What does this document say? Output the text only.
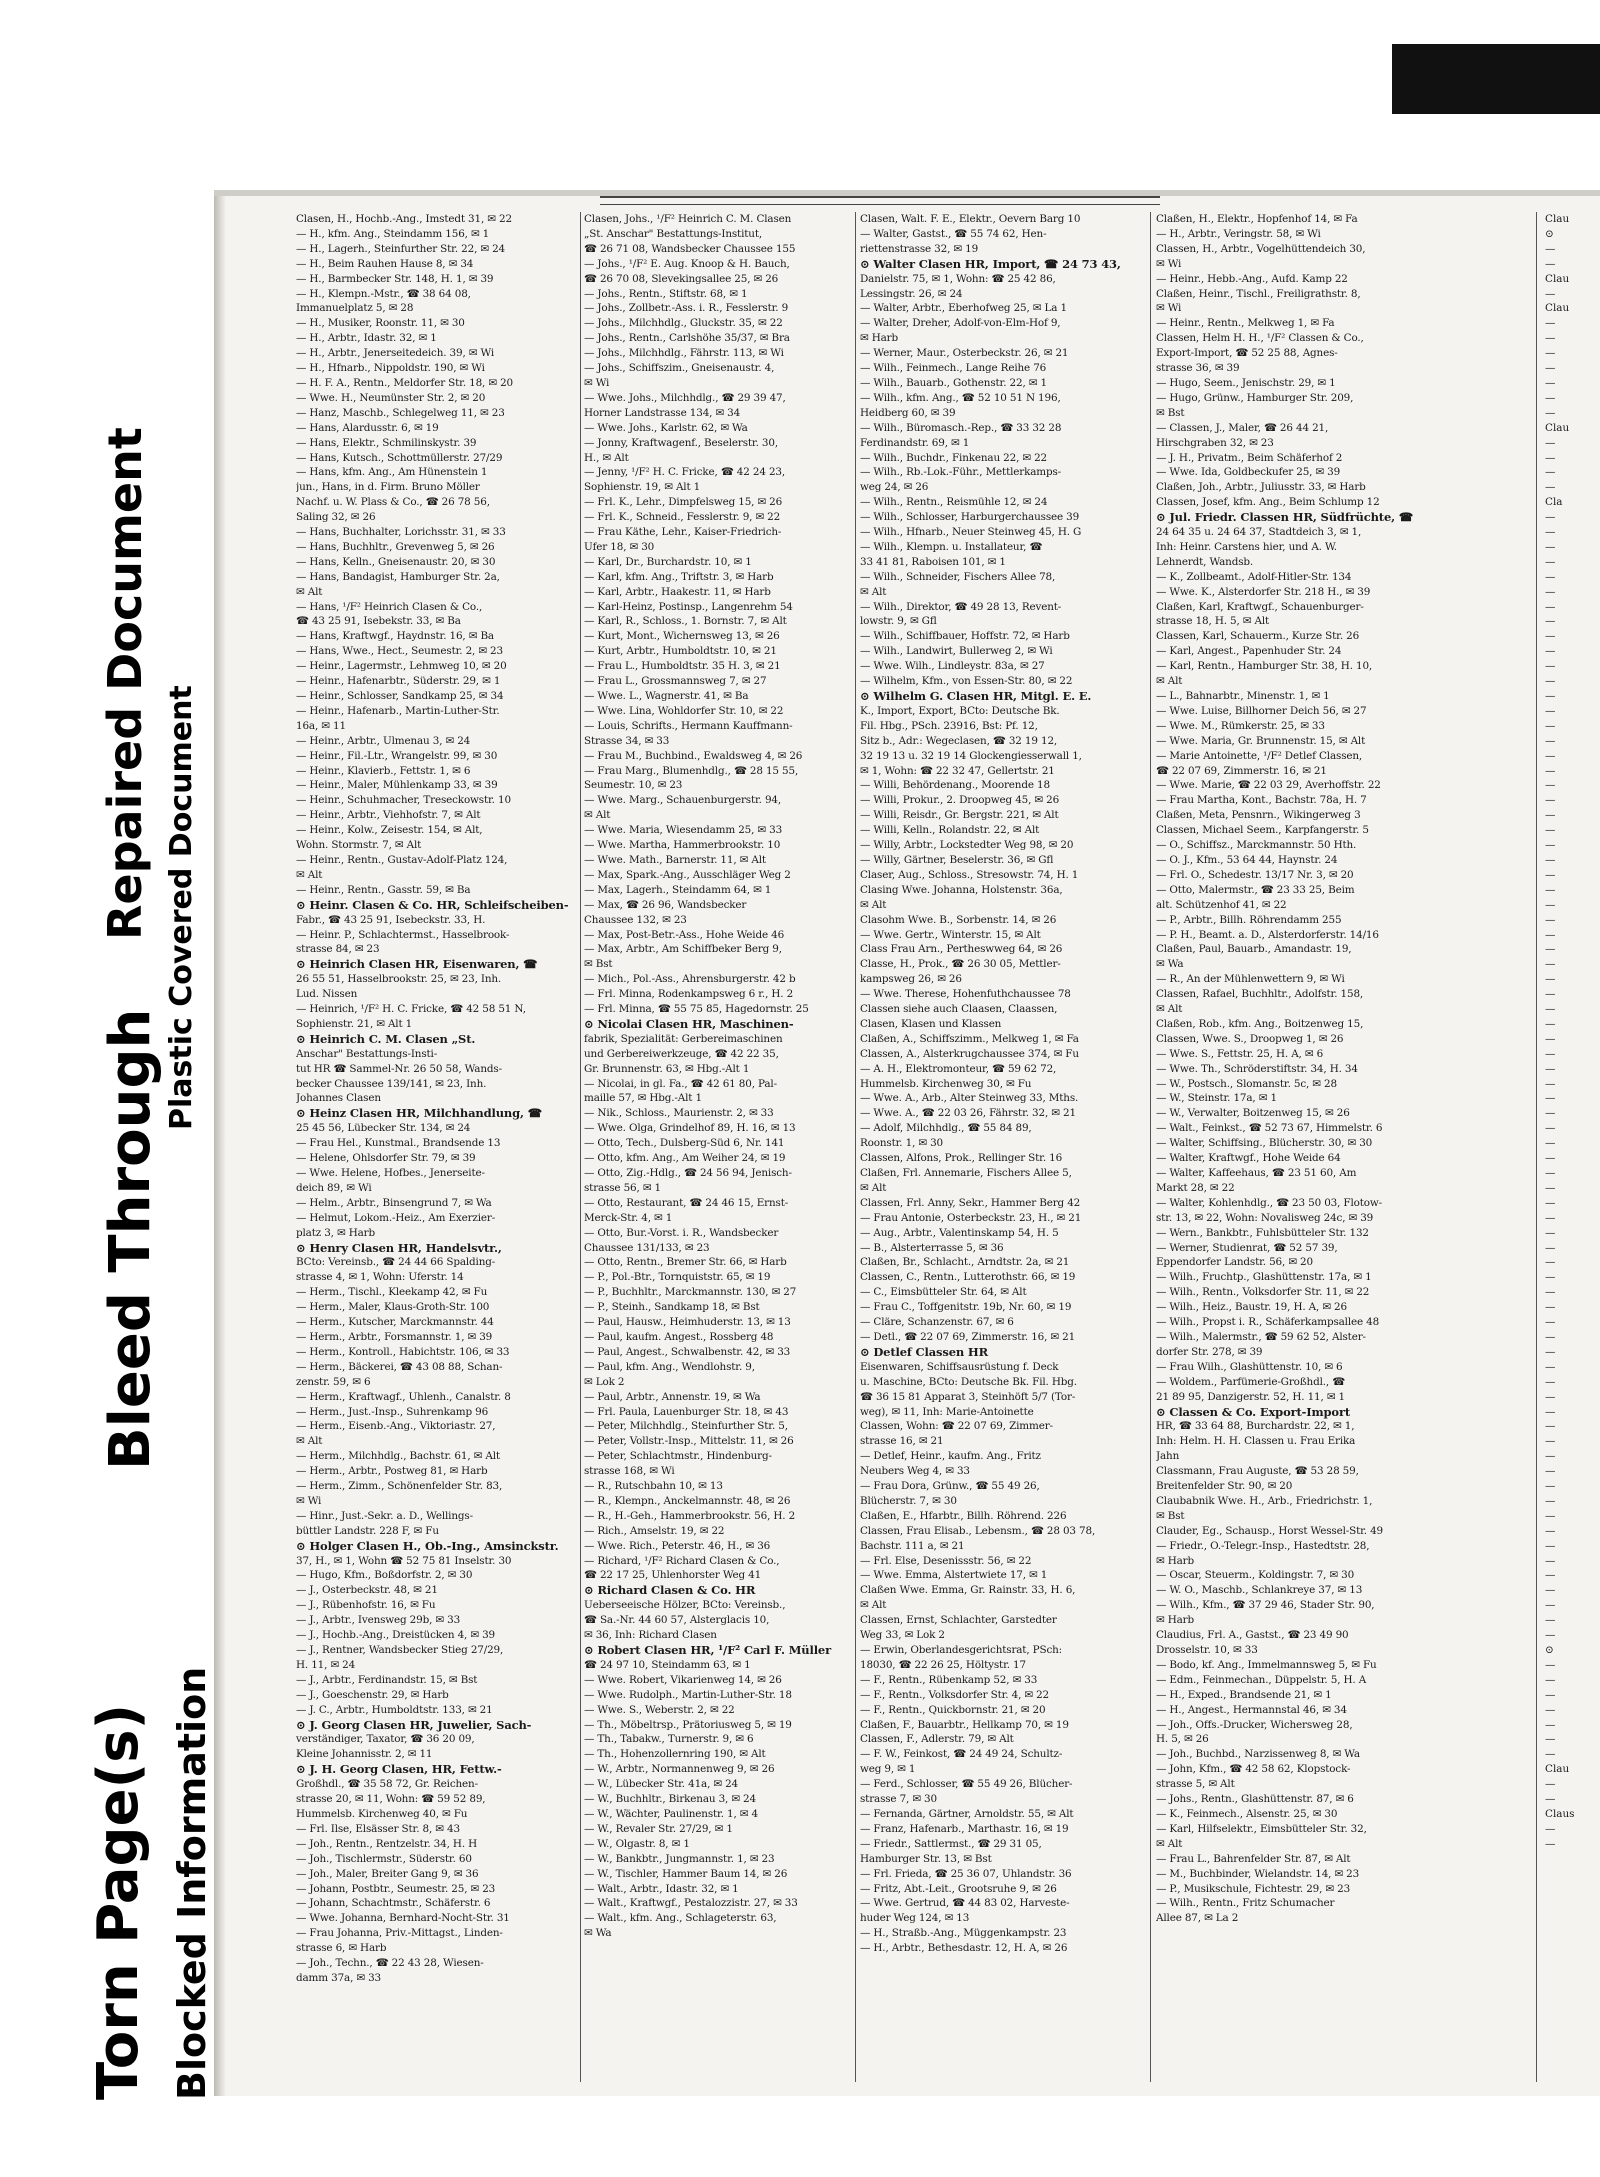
Torn Page(s) Blocked Information
Bleed Through
Repaired Document Plastic Covered Document
Clasen, H., Hochb.-Ang., Imstedt 31, ✉ 22
— H., kfm. Ang., Steindamm 156, ✉ 1
— H., Lagerh., Steinfurther Str. 22, ✉ 24
— H., Beim Rauhen Hause 8, ✉ 34
— H., Barmbecker Str. 148, H. 1, ✉ 39
— H., Klempn.-Mstr., ☎ 38 64 08,
Immanuelplatz 5, ✉ 28
— H., Musiker, Roonstr. 11, ✉ 30
— H., Arbtr., Idastr. 32, ✉ 1
— H., Arbtr., Jenerseitedeich. 39, ✉ Wi
— H., Hfnarb., Nippoldstr. 190, ✉ Wi
— H. F. A., Rentn., Meldorfer Str. 18, ✉ 20
— Wwe. H., Neumünster Str. 2, ✉ 20
— Hanz, Maschb., Schlegelweg 11, ✉ 23
— Hans, Alardusstr. 6, ✉ 19
— Hans, Elektr., Schmilinskystr. 39
— Hans, Kutsch., Schottmüllerstr. 27/29
— Hans, kfm. Ang., Am Hünenstein 1
jun., Hans, in d. Firm. Bruno Möller
Nachf. u. W. Plass & Co., ☎ 26 78 56,
Saling 32, ✉ 26
— Hans, Buchhalter, Lorichsstr. 31, ✉ 33
— Hans, Buchhltr., Grevenweg 5, ✉ 26
— Hans, Kelln., Gneisenaustr. 20, ✉ 30
— Hans, Bandagist, Hamburger Str. 2a,
✉ Alt
— Hans, ¹/F² Heinrich Clasen & Co.,
☎ 43 25 91, Isebekstr. 33, ✉ Ba
— Hans, Kraftwgf., Haydnstr. 16, ✉ Ba
— Hans, Wwe., Hect., Seumestr. 2, ✉ 23
— Heinr., Lagermstr., Lehmweg 10, ✉ 20
— Heinr., Hafenarbtr., Süderstr. 29, ✉ 1
— Heinr., Schlosser, Sandkamp 25, ✉ 34
— Heinr., Hafenarb., Martin-Luther-Str.
16a, ✉ 11
— Heinr., Arbtr., Ulmenau 3, ✉ 24
— Heinr., Fil.-Ltr., Wrangelstr. 99, ✉ 30
— Heinr., Klavierb., Fettstr. 1, ✉ 6
— Heinr., Maler, Mühlenkamp 33, ✉ 39
— Heinr., Schuhmacher, Treseckowstr. 10
— Heinr., Arbtr., Viehhofstr. 7, ✉ Alt
— Heinr., Kolw., Zeisestr. 154, ✉ Alt,
Wohn. Stormstr. 7, ✉ Alt
— Heinr., Rentn., Gustav-Adolf-Platz 124,
✉ Alt
— Heinr., Rentn., Gasstr. 59, ✉ Ba
⊙ Heinr. Clasen & Co. HR, Schleifscheiben-
Fabr., ☎ 43 25 91, Isebeckstr. 33, H.
— Heinr. P., Schlachtermst., Hasselbrook-
strasse 84, ✉ 23
⊙ Heinrich Clasen HR, Eisenwaren, ☎
26 55 51, Hasselbrookstr. 25, ✉ 23, Inh.
Lud. Nissen
— Heinrich, ¹/F² H. C. Fricke, ☎ 42 58 51 N,
Sophienstr. 21, ✉ Alt 1
⊙ Heinrich C. M. Clasen „St.
Anschar" Bestattungs-Insti-
tut HR ☎ Sammel-Nr. 26 50 58, Wands-
becker Chaussee 139/141, ✉ 23, Inh.
Johannes Clasen
⊙ Heinz Clasen HR, Milchhandlung, ☎
25 45 56, Lübecker Str. 134, ✉ 24
— Frau Hel., Kunstmal., Brandsende 13
— Helene, Ohlsdorfer Str. 79, ✉ 39
— Wwe. Helene, Hofbes., Jenerseite-
deich 89, ✉ Wi
— Helm., Arbtr., Binsengrund 7, ✉ Wa
— Helmut, Lokom.-Heiz., Am Exerzier-
platz 3, ✉ Harb
⊙ Henry Clasen HR, Handelsvtr.,
BCto: Vereinsb., ☎ 24 44 66 Spalding-
strasse 4, ✉ 1, Wohn: Uferstr. 14
— Herm., Tischl., Kleekamp 42, ✉ Fu
— Herm., Maler, Klaus-Groth-Str. 100
— Herm., Kutscher, Marckmannstr. 44
— Herm., Arbtr., Forsmannstr. 1, ✉ 39
— Herm., Kontroll., Habichtstr. 106, ✉ 33
— Herm., Bäckerei, ☎ 43 08 88, Schan-
zenstr. 59, ✉ 6
— Herm., Kraftwagf., Uhlenh., Canalstr. 8
— Herm., Just.-Insp., Suhrenkamp 96
— Herm., Eisenb.-Ang., Viktoriastr. 27,
✉ Alt
— Herm., Milchhdlg., Bachstr. 61, ✉ Alt
— Herm., Arbtr., Postweg 81, ✉ Harb
— Herm., Zimm., Schönenfelder Str. 83,
✉ Wi
— Hinr., Just.-Sekr. a. D., Wellings-
büttler Landstr. 228 F, ✉ Fu
⊙ Holger Clasen H., Ob.-Ing., Amsinckstr.
37, H., ✉ 1, Wohn ☎ 52 75 81 Inselstr. 30
— Hugo, Kfm., Boßdorfstr. 2, ✉ 30
— J., Osterbeckstr. 48, ✉ 21
— J., Rübenhofstr. 16, ✉ Fu
— J., Arbtr., Ivensweg 29b, ✉ 33
— J., Hochb.-Ang., Dreistücken 4, ✉ 39
— J., Rentner, Wandsbecker Stieg 27/29,
H. 11, ✉ 24
— J., Arbtr., Ferdinandstr. 15, ✉ Bst
— J., Goeschenstr. 29, ✉ Harb
— J. C., Arbtr., Humboldtstr. 133, ✉ 21
⊙ J. Georg Clasen HR, Juwelier, Sach-
verständiger, Taxator, ☎ 36 20 09,
Kleine Johannisstr. 2, ✉ 11
⊙ J. H. Georg Clasen, HR, Fettw.-
Großhdl., ☎ 35 58 72, Gr. Reichen-
strasse 20, ✉ 11, Wohn: ☎ 59 52 89,
Hummelsb. Kirchenweg 40, ✉ Fu
— Frl. Ilse, Elsässer Str. 8, ✉ 43
— Joh., Rentn., Rentzelstr. 34, H. H
— Joh., Tischlermstr., Süderstr. 60
— Joh., Maler, Breiter Gang 9, ✉ 36
— Johann, Postbtr., Seumestr. 25, ✉ 23
— Johann, Schachtmstr., Schäferstr. 6
— Wwe. Johanna, Bernhard-Nocht-Str. 31
— Frau Johanna, Priv.-Mittagst., Linden-
strasse 6, ✉ Harb
— Joh., Techn., ☎ 22 43 28, Wiesen-
damm 37a, ✉ 33
Clasen, Johs., ¹/F² Heinrich C. M. Clasen
„St. Anschar" Bestattungs-Institut,
☎ 26 71 08, Wandsbecker Chaussee 155
— Johs., ¹/F² E. Aug. Knoop & H. Bauch,
☎ 26 70 08, Slevekingsallee 25, ✉ 26
— Johs., Rentn., Stiftstr. 68, ✉ 1
— Johs., Zollbetr.-Ass. i. R., Fesslerstr. 9
— Johs., Milchhdlg., Gluckstr. 35, ✉ 22
— Johs., Rentn., Carlshöhe 35/37, ✉ Bra
— Johs., Milchhdlg., Fährstr. 113, ✉ Wi
— Johs., Schiffszim., Gneisenaustr. 4,
✉ Wi
— Wwe. Johs., Milchhdlg., ☎ 29 39 47,
Horner Landstrasse 134, ✉ 34
— Wwe. Johs., Karlstr. 62, ✉ Wa
— Jonny, Kraftwagenf., Beselerstr. 30,
H., ✉ Alt
— Jenny, ¹/F² H. C. Fricke, ☎ 42 24 23,
Sophienstr. 19, ✉ Alt 1
— Frl. K., Lehr., Dimpfelsweg 15, ✉ 26
— Frl. K., Schneid., Fesslerstr. 9, ✉ 22
— Frau Käthe, Lehr., Kaiser-Friedrich-
Ufer 18, ✉ 30
— Karl, Dr., Burchardstr. 10, ✉ 1
— Karl, kfm. Ang., Triftstr. 3, ✉ Harb
— Karl, Arbtr., Haakestr. 11, ✉ Harb
— Karl-Heinz, Postinsp., Langenrehm 54
— Karl, R., Schloss., 1. Bornstr. 7, ✉ Alt
— Kurt, Mont., Wichernsweg 13, ✉ 26
— Kurt, Arbtr., Humboldtstr. 10, ✉ 21
— Frau L., Humboldtstr. 35 H. 3, ✉ 21
— Frau L., Grossmannsweg 7, ✉ 27
— Wwe. L., Wagnerstr. 41, ✉ Ba
— Wwe. Lina, Wohldorfer Str. 10, ✉ 22
— Louis, Schrifts., Hermann Kauffmann-
Strasse 34, ✉ 33
— Frau M., Buchbind., Ewaldsweg 4, ✉ 26
— Frau Marg., Blumenhdlg., ☎ 28 15 55,
Seumestr. 10, ✉ 23
— Wwe. Marg., Schauenburgerstr. 94,
✉ Alt
— Wwe. Maria, Wiesendamm 25, ✉ 33
— Wwe. Martha, Hammerbrookstr. 10
— Wwe. Math., Barnerstr. 11, ✉ Alt
— Max, Spark.-Ang., Ausschläger Weg 2
— Max, Lagerh., Steindamm 64, ✉ 1
— Max, ☎ 26 96, Wandsbecker
Chaussee 132, ✉ 23
— Max, Post-Betr.-Ass., Hohe Weide 46
— Max, Arbtr., Am Schiffbeker Berg 9,
✉ Bst
— Mich., Pol.-Ass., Ahrensburgerstr. 42 b
— Frl. Minna, Rodenkampsweg 6 r., H. 2
— Frl. Minna, ☎ 55 75 85, Hagedornstr. 25
⊙ Nicolai Clasen HR, Maschinen-
fabrik, Spezialität: Gerbereimaschinen
und Gerbereiwerkzeuge, ☎ 42 22 35,
Gr. Brunnenstr. 63, ✉ Hbg.-Alt 1
— Nicolai, in gl. Fa., ☎ 42 61 80, Pal-
maille 57, ✉ Hbg.-Alt 1
— Nik., Schloss., Maurienstr. 2, ✉ 33
— Wwe. Olga, Grindelhof 89, H. 16, ✉ 13
— Otto, Tech., Dulsberg-Süd 6, Nr. 141
— Otto, kfm. Ang., Am Weiher 24, ✉ 19
— Otto, Zig.-Hdlg., ☎ 24 56 94, Jenisch-
strasse 56, ✉ 1
— Otto, Restaurant, ☎ 24 46 15, Ernst-
Merck-Str. 4, ✉ 1
— Otto, Bur.-Vorst. i. R., Wandsbecker
Chaussee 131/133, ✉ 23
— Otto, Rentn., Bremer Str. 66, ✉ Harb
— P., Pol.-Btr., Tornquiststr. 65, ✉ 19
— P., Buchhltr., Marckmannstr. 130, ✉ 27
— P., Steinh., Sandkamp 18, ✉ Bst
— Paul, Hausw., Heimhuderstr. 13, ✉ 13
— Paul, kaufm. Angest., Rossberg 48
— Paul, Angest., Schwalbenstr. 42, ✉ 33
— Paul, kfm. Ang., Wendlohstr. 9,
✉ Lok 2
— Paul, Arbtr., Annenstr. 19, ✉ Wa
— Frl. Paula, Lauenburger Str. 18, ✉ 43
— Peter, Milchhdlg., Steinfurther Str. 5,
— Peter, Vollstr.-Insp., Mittelstr. 11, ✉ 26
— Peter, Schlachtmstr., Hindenburg-
strasse 168, ✉ Wi
— R., Rutschbahn 10, ✉ 13
— R., Klempn., Anckelmannstr. 48, ✉ 26
— R., H.-Geh., Hammerbrookstr. 56, H. 2
— Rich., Amselstr. 19, ✉ 22
— Wwe. Rich., Peterstr. 46, H., ✉ 36
— Richard, ¹/F² Richard Clasen & Co.,
☎ 22 17 25, Uhlenhorster Weg 41
⊙ Richard Clasen & Co. HR
Ueberseeische Hölzer, BCto: Vereinsb.,
☎ Sa.-Nr. 44 60 57, Alsterglacis 10,
✉ 36, Inh: Richard Clasen
⊙ Robert Clasen HR, ¹/F² Carl F. Müller
☎ 24 97 10, Steindamm 63, ✉ 1
— Wwe. Robert, Vikarienweg 14, ✉ 26
— Wwe. Rudolph., Martin-Luther-Str. 18
— Wwe. S., Weberstr. 2, ✉ 22
— Th., Möbeltrsp., Prätoriusweg 5, ✉ 19
— Th., Tabakw., Turnerstr. 9, ✉ 6
— Th., Hohenzollernring 190, ✉ Alt
— W., Arbtr., Normannenweg 9, ✉ 26
— W., Lübecker Str. 41a, ✉ 24
— W., Buchhltr., Birkenau 3, ✉ 24
— W., Wächter, Paulinenstr. 1, ✉ 4
— W., Revaler Str. 27/29, ✉ 1
— W., Olgastr. 8, ✉ 1
— W., Bankbtr., Jungmannstr. 1, ✉ 23
— W., Tischler, Hammer Baum 14, ✉ 26
— Walt., Arbtr., Idastr. 32, ✉ 1
— Walt., Kraftwgf., Pestalozzistr. 27, ✉ 33
— Walt., kfm. Ang., Schlageterstr. 63,
✉ Wa
Clasen, Walt. F. E., Elektr., Oevern Barg 10
— Walter, Gastst., ☎ 55 74 62, Hen-
riettenstrasse 32, ✉ 19
⊙ Walter Clasen HR, Import, ☎ 24 73 43,
Danielstr. 75, ✉ 1, Wohn: ☎ 25 42 86,
Lessingstr. 26, ✉ 24
— Walter, Arbtr., Eberhofweg 25, ✉ La 1
— Walter, Dreher, Adolf-von-Elm-Hof 9,
✉ Harb
— Werner, Maur., Osterbeckstr. 26, ✉ 21
— Wilh., Feinmech., Lange Reihe 76
— Wilh., Bauarb., Gothenstr. 22, ✉ 1
— Wilh., kfm. Ang., ☎ 52 10 51 N 196,
Heidberg 60, ✉ 39
— Wilh., Büromasch.-Rep., ☎ 33 32 28
Ferdinandstr. 69, ✉ 1
— Wilh., Buchdr., Finkenau 22, ✉ 22
— Wilh., Rb.-Lok.-Führ., Mettlerkamps-
weg 24, ✉ 26
— Wilh., Rentn., Reismühle 12, ✉ 24
— Wilh., Schlosser, Harburgerchaussee 39
— Wilh., Hfnarb., Neuer Steinweg 45, H. G
— Wilh., Klempn. u. Installateur, ☎
33 41 81, Raboisen 101, ✉ 1
— Wilh., Schneider, Fischers Allee 78,
✉ Alt
— Wilh., Direktor, ☎ 49 28 13, Revent-
lowstr. 9, ✉ Gfl
— Wilh., Schiffbauer, Hoffstr. 72, ✉ Harb
— Wilh., Landwirt, Bullerweg 2, ✉ Wi
— Wwe. Wilh., Lindleystr. 83a, ✉ 27
— Wilhelm, Kfm., von Essen-Str. 80, ✉ 22
⊙ Wilhelm G. Clasen HR, Mitgl. E. E.
K., Import, Export, BCto: Deutsche Bk.
Fil. Hbg., PSch. 23916, Bst: Pf. 12,
Sitz b., Adr.: Wegeclasen, ☎ 32 19 12,
32 19 13 u. 32 19 14 Glockengiesserwall 1,
✉ 1, Wohn: ☎ 22 32 47, Gellertstr. 21
— Willi, Behördenang., Moorende 18
— Willi, Prokur., 2. Droopweg 45, ✉ 26
— Willi, Reisdr., Gr. Bergstr. 221, ✉ Alt
— Willi, Kelln., Rolandstr. 22, ✉ Alt
— Willy, Arbtr., Lockstedter Weg 98, ✉ 20
— Willy, Gärtner, Beselerstr. 36, ✉ Gfl
Claser, Aug., Schloss., Stresowstr. 74, H. 1
Clasing Wwe. Johanna, Holstenstr. 36a,
✉ Alt
Clasohm Wwe. B., Sorbenstr. 14, ✉ 26
— Wwe. Gertr., Winterstr. 15, ✉ Alt
Class Frau Arn., Pertheswweg 64, ✉ 26
Classe, H., Prok., ☎ 26 30 05, Mettler-
kampsweg 26, ✉ 26
— Wwe. Therese, Hohenfuthchaussee 78
Classen siehe auch Claasen, Claassen,
Clasen, Klasen und Klassen
Claßen, A., Schiffszimm., Melkweg 1, ✉ Fa
Classen, A., Alsterkrugchaussee 374, ✉ Fu
— A. H., Elektromonteur, ☎ 59 62 72,
Hummelsb. Kirchenweg 30, ✉ Fu
— Wwe. A., Arb., Alter Steinweg 33, Mths.
— Wwe. A., ☎ 22 03 26, Fährstr. 32, ✉ 21
— Adolf, Milchhdlg., ☎ 55 84 89,
Roonstr. 1, ✉ 30
Classen, Alfons, Prok., Rellinger Str. 16
Claßen, Frl. Annemarie, Fischers Allee 5,
✉ Alt
Classen, Frl. Anny, Sekr., Hammer Berg 42
— Frau Antonie, Osterbeckstr. 23, H., ✉ 21
— Aug., Arbtr., Valentinskamp 54, H. 5
— B., Alsterterrasse 5, ✉ 36
Claßen, Br., Schlacht., Arndtstr. 2a, ✉ 21
Classen, C., Rentn., Lutterothstr. 66, ✉ 19
— C., Eimsbütteler Str. 64, ✉ Alt
— Frau C., Toffgenitstr. 19b, Nr. 60, ✉ 19
— Cläre, Schanzenstr. 67, ✉ 6
— Detl., ☎ 22 07 69, Zimmerstr. 16, ✉ 21
⊙ Detlef Classen HR
Eisenwaren, Schiffsausrüstung f. Deck
u. Maschine, BCto: Deutsche Bk. Fil. Hbg.
☎ 36 15 81 Apparat 3, Steinhöft 5/7 (Tor-
weg), ✉ 11, Inh: Marie-Antoinette
Classen, Wohn: ☎ 22 07 69, Zimmer-
strasse 16, ✉ 21
— Detlef, Heinr., kaufm. Ang., Fritz
Neubers Weg 4, ✉ 33
— Frau Dora, Grünw., ☎ 55 49 26,
Blücherstr. 7, ✉ 30
Claßen, E., Hfarbtr., Billh. Röhrend. 226
Classen, Frau Elisab., Lebensm., ☎ 28 03 78,
Bachstr. 111 a, ✉ 21
— Frl. Else, Desenissstr. 56, ✉ 22
— Wwe. Emma, Alstertwiete 17, ✉ 1
Claßen Wwe. Emma, Gr. Rainstr. 33, H. 6,
✉ Alt
Classen, Ernst, Schlachter, Garstedter
Weg 33, ✉ Lok 2
— Erwin, Oberlandesgerichtsrat, PSch:
18030, ☎ 22 26 25, Höltystr. 17
— F., Rentn., Rübenkamp 52, ✉ 33
— F., Rentn., Volksdorfer Str. 4, ✉ 22
— F., Rentn., Quickbornstr. 21, ✉ 20
Claßen, F., Bauarbtr., Hellkamp 70, ✉ 19
Classen, F., Adlerstr. 79, ✉ Alt
— F. W., Feinkost, ☎ 24 49 24, Schultz-
weg 9, ✉ 1
— Ferd., Schlosser, ☎ 55 49 26, Blücher-
strasse 7, ✉ 30
— Fernanda, Gärtner, Arnoldstr. 55, ✉ Alt
— Franz, Hafenarb., Marthastr. 16, ✉ 19
— Friedr., Sattlermst., ☎ 29 31 05,
Hamburger Str. 13, ✉ Bst
— Frl. Frieda, ☎ 25 36 07, Uhlandstr. 36
— Fritz, Abt.-Leit., Grootsruhe 9, ✉ 26
— Wwe. Gertrud, ☎ 44 83 02, Harveste-
huder Weg 124, ✉ 13
— H., Straßb.-Ang., Müggenkampstr. 23
— H., Arbtr., Bethesdastr. 12, H. A, ✉ 26
Claßen, H., Elektr., Hopfenhof 14, ✉ Fa
— H., Arbtr., Veringstr. 58, ✉ Wi
Classen, H., Arbtr., Vogelhüttendeich 30,
✉ Wi
— Heinr., Hebb.-Ang., Aufd. Kamp 22
Claßen, Heinr., Tischl., Freiligrathstr. 8,
✉ Wi
— Heinr., Rentn., Melkweg 1, ✉ Fa
Classen, Helm H. H., ¹/F² Classen & Co.,
Export-Import, ☎ 52 25 88, Agnes-
strasse 36, ✉ 39
— Hugo, Seem., Jenischstr. 29, ✉ 1
— Hugo, Grünw., Hamburger Str. 209,
✉ Bst
— Classen, J., Maler, ☎ 26 44 21,
Hirschgraben 32, ✉ 23
— J. H., Privatm., Beim Schäferhof 2
— Wwe. Ida, Goldbeckufer 25, ✉ 39
Claßen, Joh., Arbtr., Juliusstr. 33, ✉ Harb
Classen, Josef, kfm. Ang., Beim Schlump 12
⊙ Jul. Friedr. Classen HR, Südfrüchte, ☎
24 64 35 u. 24 64 37, Stadtdeich 3, ✉ 1,
Inh: Heinr. Carstens hier, und A. W.
Lehnerdt, Wandsb.
— K., Zollbeamt., Adolf-Hitler-Str. 134
— Wwe. K., Alsterdorfer Str. 218 H., ✉ 39
Claßen, Karl, Kraftwgf., Schauenburger-
strasse 18, H. 5, ✉ Alt
Classen, Karl, Schauerm., Kurze Str. 26
— Karl, Angest., Papenhuder Str. 24
— Karl, Rentn., Hamburger Str. 38, H. 10,
✉ Alt
— L., Bahnarbtr., Minenstr. 1, ✉ 1
— Wwe. Luise, Billhorner Deich 56, ✉ 27
— Wwe. M., Rümkerstr. 25, ✉ 33
— Wwe. Maria, Gr. Brunnenstr. 15, ✉ Alt
— Marie Antoinette, ¹/F² Detlef Classen,
☎ 22 07 69, Zimmerstr. 16, ✉ 21
— Wwe. Marie, ☎ 22 03 29, Averhoffstr. 22
— Frau Martha, Kont., Bachstr. 78a, H. 7
Claßen, Meta, Pensnrn., Wikingerweg 3
Classen, Michael Seem., Karpfangerstr. 5
— O., Schiffsz., Marckmannstr. 50 Hth.
— O. J., Kfm., 53 64 44, Haynstr. 24
— Frl. O., Schedestr. 13/17 Nr. 3, ✉ 20
— Otto, Malermstr., ☎ 23 33 25, Beim
alt. Schützenhof 41, ✉ 22
— P., Arbtr., Billh. Röhrendamm 255
— P. H., Beamt. a. D., Alsterdorferstr. 14/16
Claßen, Paul, Bauarb., Amandastr. 19,
✉ Wa
— R., An der Mühlenwettern 9, ✉ Wi
Classen, Rafael, Buchhltr., Adolfstr. 158,
✉ Alt
Claßen, Rob., kfm. Ang., Boitzenweg 15,
Classen, Wwe. S., Droopweg 1, ✉ 26
— Wwe. S., Fettstr. 25, H. A, ✉ 6
— Wwe. Th., Schröderstiftstr. 34, H. 34
— W., Postsch., Slomanstr. 5c, ✉ 28
— W., Steinstr. 17a, ✉ 1
— W., Verwalter, Boitzenweg 15, ✉ 26
— Walt., Feinkst., ☎ 52 73 67, Himmelstr. 6
— Walter, Schiffsing., Blücherstr. 30, ✉ 30
— Walter, Kraftwgf., Hohe Weide 64
— Walter, Kaffeehaus, ☎ 23 51 60, Am
Markt 28, ✉ 22
— Walter, Kohlenhdlg., ☎ 23 50 03, Flotow-
str. 13, ✉ 22, Wohn: Novalisweg 24c, ✉ 39
— Wern., Bankbtr., Fuhlsbütteler Str. 132
— Werner, Studienrat, ☎ 52 57 39,
Eppendorfer Landstr. 56, ✉ 20
— Wilh., Fruchtp., Glashüttenstr. 17a, ✉ 1
— Wilh., Rentn., Volksdorfer Str. 11, ✉ 22
— Wilh., Heiz., Baustr. 19, H. A, ✉ 26
— Wilh., Propst i. R., Schäferkampsallee 48
— Wilh., Malermstr., ☎ 59 62 52, Alster-
dorfer Str. 278, ✉ 39
— Frau Wilh., Glashüttenstr. 10, ✉ 6
— Woldem., Parfümerie-Großhdl., ☎
21 89 95, Danzigerstr. 52, H. 11, ✉ 1
⊙ Classen & Co. Export-Import
HR, ☎ 33 64 88, Burchardstr. 22, ✉ 1,
Inh: Helm. H. H. Classen u. Frau Erika
Jahn
Classmann, Frau Auguste, ☎ 53 28 59,
Breitenfelder Str. 90, ✉ 20
Claubabnik Wwe. H., Arb., Friedrichstr. 1,
✉ Bst
Clauder, Eg., Schausp., Horst Wessel-Str. 49
— Friedr., O.-Telegr.-Insp., Hastedtstr. 28,
✉ Harb
— Oscar, Steuerm., Koldingstr. 7, ✉ 30
— W. O., Maschb., Schlankreye 37, ✉ 13
— Wilh., Kfm., ☎ 37 29 46, Stader Str. 90,
✉ Harb
Claudius, Frl. A., Gastst., ☎ 23 49 90
Drosselstr. 10, ✉ 33
— Bodo, kf. Ang., Immelmannsweg 5, ✉ Fu
— Edm., Feinmechan., Düppelstr. 5, H. A
— H., Exped., Brandsende 21, ✉ 1
— H., Angest., Hermannstal 46, ✉ 34
— Joh., Offs.-Drucker, Wichersweg 28,
H. 5, ✉ 26
— Joh., Buchbd., Narzissenweg 8, ✉ Wa
— John, Kfm., ☎ 42 58 62, Klopstock-
strasse 5, ✉ Alt
— Johs., Rentn., Glashüttenstr. 87, ✉ 6
— K., Feinmech., Alsenstr. 25, ✉ 30
— Karl, Hilfselektr., Eimsbütteler Str. 32,
✉ Alt
— Frau L., Bahrenfelder Str. 87, ✉ Alt
— M., Buchbinder, Wielandstr. 14, ✉ 23
— P., Musikschule, Fichtestr. 29, ✉ 23
— Wilh., Rentn., Fritz Schumacher
Allee 87, ✉ La 2
Clau
⊙
—
—
Clau
—
Clau
—
—
—
—
—
—
—
Clau
—
—
—
—
Cla
—
—
—
—
—
—
—
—
—
—
—
—
—
—
—
—
—
—
—
—
—
—
—
—
—
—
—
—
—
—
—
—
—
—
—
—
—
—
—
—
—
—
—
—
—
—
—
—
—
—
—
—
—
—
—
—
—
—
—
—
—
—
—
—
—
—
—
—
—
—
—
—
—
—
—
—
⊙
—
—
—
—
—
—
—
Clau
—
—
Claus
—
—
